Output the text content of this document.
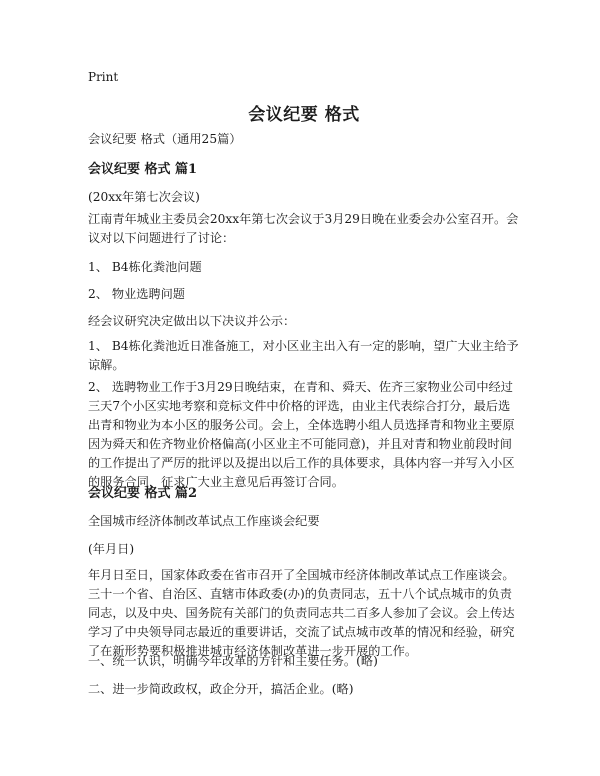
Print
会议纪要 格式
会议纪要 格式（通用25篇）
会议纪要 格式 篇1
(20xx年第七次会议)
江南青年城业主委员会20xx年第七次会议于3月29日晚在业委会办公室召开。会议对以下问题进行了讨论：
1、 B4栋化粪池问题
2、 物业选聘问题
经会议研究决定做出以下决议并公示：
1、 B4栋化粪池近日准备施工，对小区业主出入有一定的影响，望广大业主给予谅解。
2、 选聘物业工作于3月29日晚结束，在青和、舜天、佐齐三家物业公司中经过三天7个小区实地考察和竞标文件中价格的评选，由业主代表综合打分，最后选出青和物业为本小区的服务公司。会上，全体选聘小组人员选择青和物业主要原因为舜天和佐齐物业价格偏高(小区业主不可能同意)，并且对青和物业前段时间的工作提出了严厉的批评以及提出以后工作的具体要求，具体内容一并写入小区的服务合同，征求广大业主意见后再签订合同。
会议纪要 格式 篇2
全国城市经济体制改革试点工作座谈会纪要
(年月日)
年月日至日，国家体政委在省市召开了全国城市经济体制改革试点工作座谈会。三十一个省、自治区、直辖市体政委(办)的负责同志，五十八个试点城市的负责同志，以及中央、国务院有关部门的负责同志共二百多人参加了会议。会上传达学习了中央领导同志最近的重要讲话，交流了试点城市改革的情况和经验，研究了在新形势要积极推进城市经济体制改革进一步开展的工作。
一、统一认识，明确今年改革的方针和主要任务。(略)
二、进一步简政政权，政企分开，搞活企业。(略)
